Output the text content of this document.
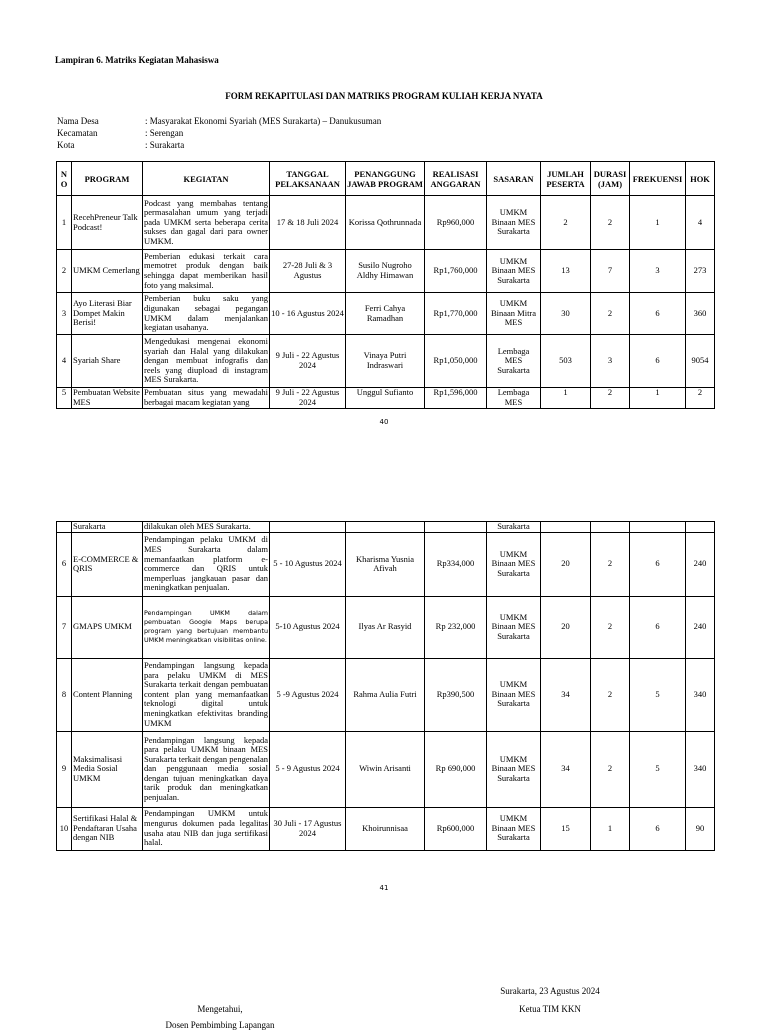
Lampiran 6. Matriks Kegiatan Mahasiswa
FORM REKAPITULASI DAN MATRIKS PROGRAM KULIAH KERJA NYATA
Nama Desa	: Masyarakat Ekonomi Syariah (MES Surakarta) – Danukusuman
Kecamatan	: Serengan
Kota	: Surakarta
N O	PROGRAM	KEGIATAN	TANGGAL PELAKSANAAN	PENANGGUNG JAWAB PROGRAM	REALISASI ANGGARAN	SASARAN	JUMLAH PESERTA	DURASI (JAM)	FREKUENSI	HOK
1	RecehPreneur Talk Podcast!	Podcast yang membahas tentang permasalahan umum yang terjadi pada UMKM serta beberapa cerita sukses dan gagal dari para owner UMKM.	17 & 18 Juli 2024	Korissa Qothrunnada	Rp960,000	UMKM Binaan MES Surakarta	2	2	1	4
2	UMKM Cemerlang	Pemberian edukasi terkait cara memotret produk dengan baik sehingga dapat memberikan hasil foto yang maksimal.	27-28 Juli & 3 Agustus	Susilo Nugroho Aldhy Himawan	Rp1,760,000	UMKM Binaan MES Surakarta	13	7	3	273
3	Ayo Literasi Biar Dompet Makin Berisi!	Pemberian buku saku yang digunakan sebagai pegangan UMKM dalam menjalankan kegiatan usahanya.	10 - 16 Agustus 2024	Ferri Cahya Ramadhan	Rp1,770,000	UMKM Binaan Mitra MES	30	2	6	360
4	Syariah Share	Mengedukasi mengenai ekonomi syariah dan Halal yang dilakukan dengan membuat infografis dan reels yang diupload di instagram MES Surakarta.	9 Juli - 22 Agustus 2024	Vinaya Putri Indraswari	Rp1,050,000	Lembaga MES Surakarta	503	3	6	9054
5	Pembuatan Website MES	Pembuatan situs yang mewadahi berbagai macam kegiatan yang	9 Juli - 22 Agustus 2024	Unggul Sufianto	Rp1,596,000	Lembaga MES	1	2	1	2
40
	Surakarta	dilakukan oleh MES Surakarta.				Surakarta				
6	E-COMMERCE & QRIS	Pendampingan pelaku UMKM di MES Surakarta dalam memanfaatkan platform e-commerce dan QRIS untuk memperluas jangkauan pasar dan meningkatkan penjualan.	5 - 10 Agustus 2024	Kharisma Yusnia Afivah	Rp334,000	UMKM Binaan MES Surakarta	20	2	6	240
7	GMAPS UMKM	Pendampingan UMKM dalam pembuatan Google Maps berupa program yang bertujuan membantu UMKM meningkatkan visibilitas online.	5-10 Agustus 2024	Ilyas Ar Rasyid	Rp 232,000	UMKM Binaan MES Surakarta	20	2	6	240
8	Content Planning	Pendampingan langsung kepada para pelaku UMKM di MES Surakarta terkait dengan pembuatan content plan yang memanfaatkan teknologi digital untuk meningkatkan efektivitas branding UMKM	5 -9 Agustus 2024	Rahma Aulia Futri	Rp390,500	UMKM Binaan MES Surakarta	34	2	5	340
9	Maksimalisasi Media Sosial UMKM	Pendampingan langsung kepada para pelaku UMKM binaan MES Surakarta terkait dengan pengenalan dan penggunaan media sosial dengan tujuan meningkatkan daya tarik produk dan meningkatkan penjualan.	5 - 9 Agustus 2024	Wiwin Arisanti	Rp 690,000	UMKM Binaan MES Surakarta	34	2	5	340
10	Sertifikasi Halal & Pendaftaran Usaha dengan NIB	Pendampingan UMKM untuk mengurus dokumen pada legalitas usaha atau NIB dan juga sertifikasi halal.	30 Juli - 17 Agustus 2024	Khoirunnisaa	Rp600,000	UMKM Binaan MES Surakarta	15	1	6	90
41
Surakarta, 23 Agustus 2024
Ketua TIM KKN
Mengetahui,
Dosen Pembimbing Lapangan
